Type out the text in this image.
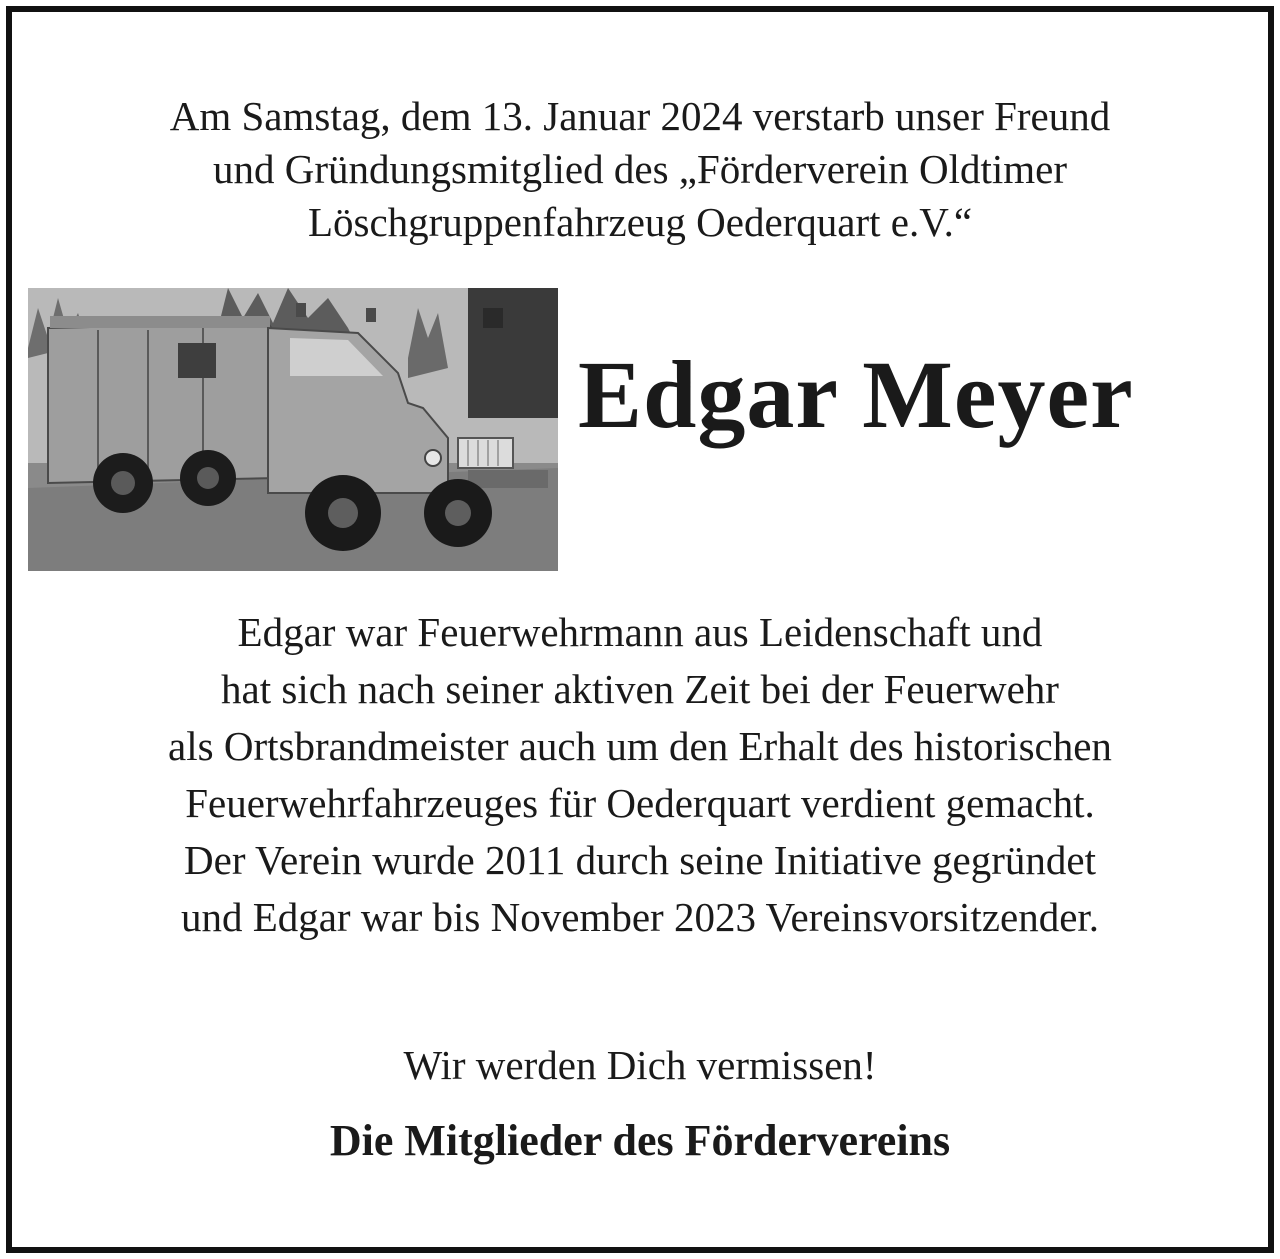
Am Samstag, dem 13. Januar 2024 verstarb unser Freund
und Gründungsmitglied des „Förderverein Oldtimer
Löschgruppenfahrzeug Oederquart e.V.“
Edgar Meyer
Edgar war Feuerwehrmann aus Leidenschaft und
hat sich nach seiner aktiven Zeit bei der Feuerwehr
als Ortsbrandmeister auch um den Erhalt des historischen
Feuerwehrfahrzeuges für Oederquart verdient gemacht.
Der Verein wurde 2011 durch seine Initiative gegründet
und Edgar war bis November 2023 Vereinsvorsitzender.
Wir werden Dich vermissen!
Die Mitglieder des Fördervereins
